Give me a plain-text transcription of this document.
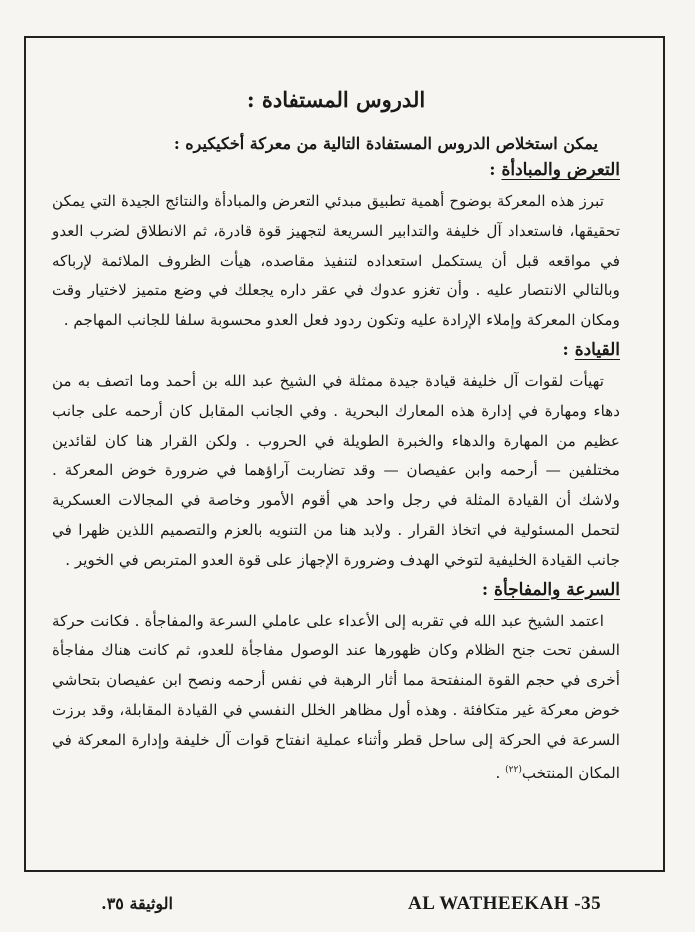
الدروس المستفادة :
يمكن استخلاص الدروس المستفادة التالية من معركة أخكيكيره :
التعرض والمبادأة :

تبرز هذه المعركة بوضوح أهمية تطبيق مبدئي التعرض والمبادأة والنتائج الجيدة التي يمكن تحقيقها، فاستعداد آل خليفة والتدابير السريعة لتجهيز قوة قادرة، ثم الانطلاق لضرب العدو في مواقعه قبل أن يستكمل استعداده لتنفيذ مقاصده، هيأت الظروف الملائمة لإرباكه وبالتالي الانتصار عليه . وأن تغزو عدوك في عقر داره يجعلك في وضع متميز لاختيار وقت ومكان المعركة وإملاء الإرادة عليه وتكون ردود فعل العدو محسوبة سلفا للجانب المهاجم .

القيادة :

تهيأت لقوات آل خليفة قيادة جيدة ممثلة في الشيخ عبد الله بن أحمد وما اتصف به من دهاء ومهارة في إدارة هذه المعارك البحرية . وفي الجانب المقابل كان أرحمه على جانب عظيم من المهارة والدهاء والخبرة الطويلة في الحروب . ولكن القرار هنا كان لقائدين مختلفين — أرحمه وابن عفيصان — وقد تضاربت آراؤهما في ضرورة خوض المعركة . ولاشك أن القيادة المثلة في رجل واحد هي أقوم الأمور وخاصة في المجالات العسكرية لتحمل المسئولية في اتخاذ القرار . ولابد هنا من التنويه بالعزم والتصميم اللذين ظهرا في جانب القيادة الخليفية لتوخي الهدف وضرورة الإجهاز على قوة العدو المتربص في الخوير .

السرعة والمفاجأة :

اعتمد الشيخ عبد الله في تقربه إلى الأعداء على عاملي السرعة والمفاجأة . فكانت حركة السفن تحت جنح الظلام وكان ظهورها عند الوصول مفاجأة للعدو، ثم كانت هناك مفاجأة أخرى في حجم القوة المنفتحة مما أثار الرهبة في نفس أرحمه ونصح ابن عفيصان بتحاشي خوض معركة غير متكافئة . وهذه أول مظاهر الخلل النفسي في القيادة المقابلة، وقد برزت السرعة في الحركة إلى ساحل قطر وأثناء عملية انفتاح قوات آل خليفة وإدارة المعركة في المكان المنتخب$^{(٢٢)}$ .

AL WATHEEKAH -35
الوثيقة ٣٥.
